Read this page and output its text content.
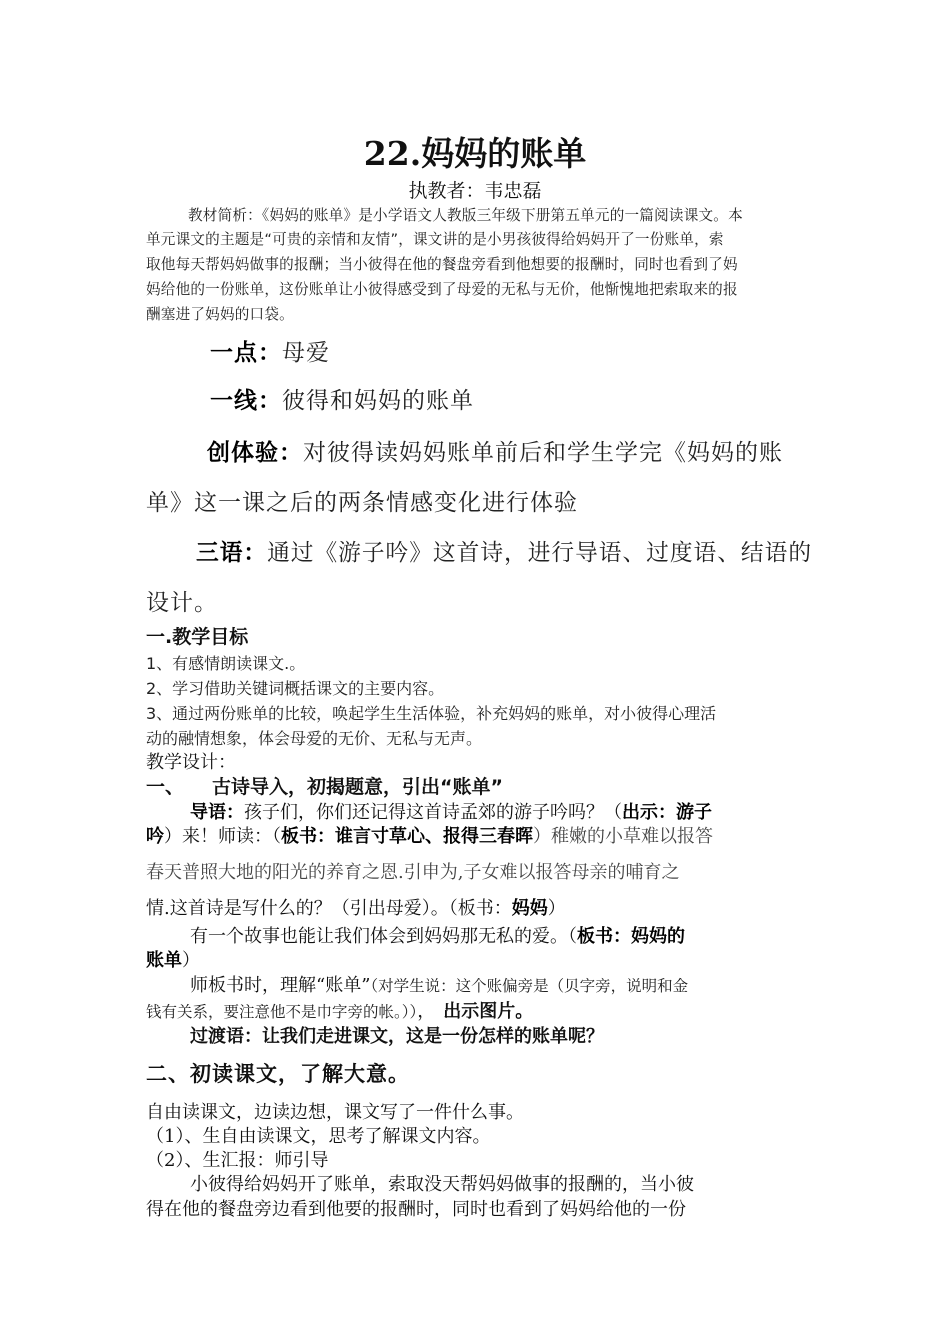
22.妈妈的账单
执教者：韦忠磊
教材简析：《妈妈的账单》是小学语文人教版三年级下册第五单元的一篇阅读课文。本
单元课文的主题是“可贵的亲情和友情”，课文讲的是小男孩彼得给妈妈开了一份账单，索
取他每天帮妈妈做事的报酬；当小彼得在他的餐盘旁看到他想要的报酬时，同时也看到了妈
妈给他的一份账单，这份账单让小彼得感受到了母爱的无私与无价，他惭愧地把索取来的报
酬塞进了妈妈的口袋。
一点：母爱
一线：彼得和妈妈的账单
创体验：对彼得读妈妈账单前后和学生学完《妈妈的账
单》这一课之后的两条情感变化进行体验
三语：通过《游子吟》这首诗，进行导语、过度语、结语的
设计。
一.教学目标
1、有感情朗读课文.。
2、学习借助关键词概括课文的主要内容。
3、通过两份账单的比较，唤起学生生活体验，补充妈妈的账单，对小彼得心理活
动的融情想象，体会母爱的无价、无私与无声。
教学设计：
一、 古诗导入，初揭题意，引出“账单”
导语：孩子们，你们还记得这首诗孟郊的游子吟吗？（出示：游子
吟）来！师读：（板书：谁言寸草心、报得三春晖）稚嫩的小草难以报答
春天普照大地的阳光的养育之恩.引申为,子女难以报答母亲的哺育之
情.这首诗是写什么的？（引出母爱）。（板书：妈妈）
有一个故事也能让我们体会到妈妈那无私的爱。（板书：妈妈的
账单）
师板书时，理解“账单”（对学生说：这个账偏旁是（贝字旁，说明和金
钱有关系，要注意他不是巾字旁的帐。））， 出示图片。
过渡语：让我们走进课文，这是一份怎样的账单呢？
二、初读课文，了解大意。
自由读课文，边读边想，课文写了一件什么事。
（1）、生自由读课文，思考了解课文内容。
（2）、生汇报：师引导
小彼得给妈妈开了账单，索取没天帮妈妈做事的报酬的，当小彼
得在他的餐盘旁边看到他要的报酬时，同时也看到了妈妈给他的一份
